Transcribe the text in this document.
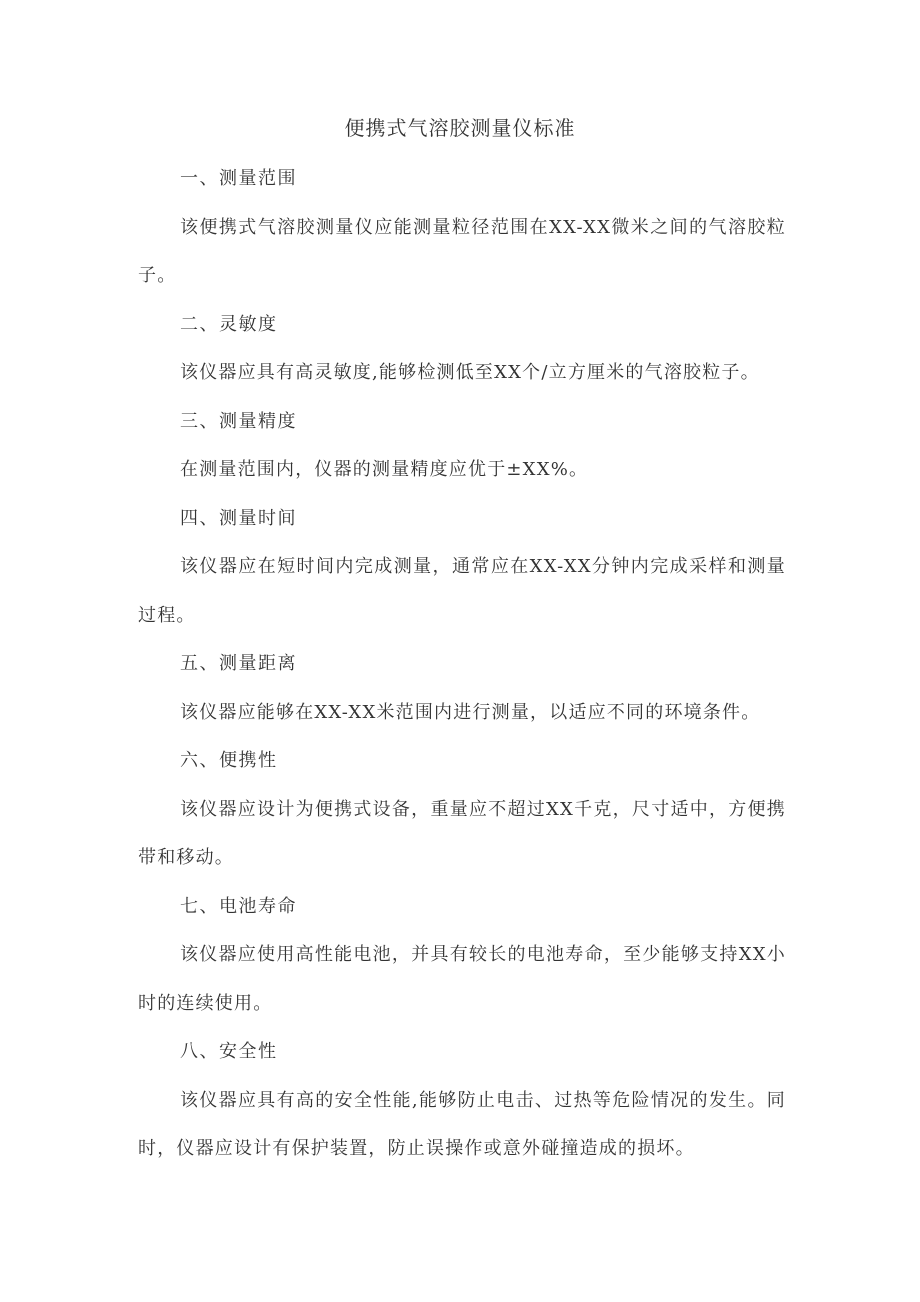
便携式气溶胶测量仪标准

一、测量范围

该便携式气溶胶测量仪应能测量粒径范围在XX-XX微米之间的气溶胶粒子。

二、灵敏度

该仪器应具有高灵敏度,能够检测低至XX个/立方厘米的气溶胶粒子。

三、测量精度

在测量范围内，仪器的测量精度应优于±XX%。

四、测量时间

该仪器应在短时间内完成测量，通常应在XX-XX分钟内完成采样和测量过程。

五、测量距离

该仪器应能够在XX-XX米范围内进行测量，以适应不同的环境条件。

六、便携性

该仪器应设计为便携式设备，重量应不超过XX千克，尺寸适中，方便携带和移动。

七、电池寿命

该仪器应使用高性能电池，并具有较长的电池寿命，至少能够支持XX小时的连续使用。

八、安全性

该仪器应具有高的安全性能,能够防止电击、过热等危险情况的发生。同时，仪器应设计有保护装置，防止误操作或意外碰撞造成的损坏。
